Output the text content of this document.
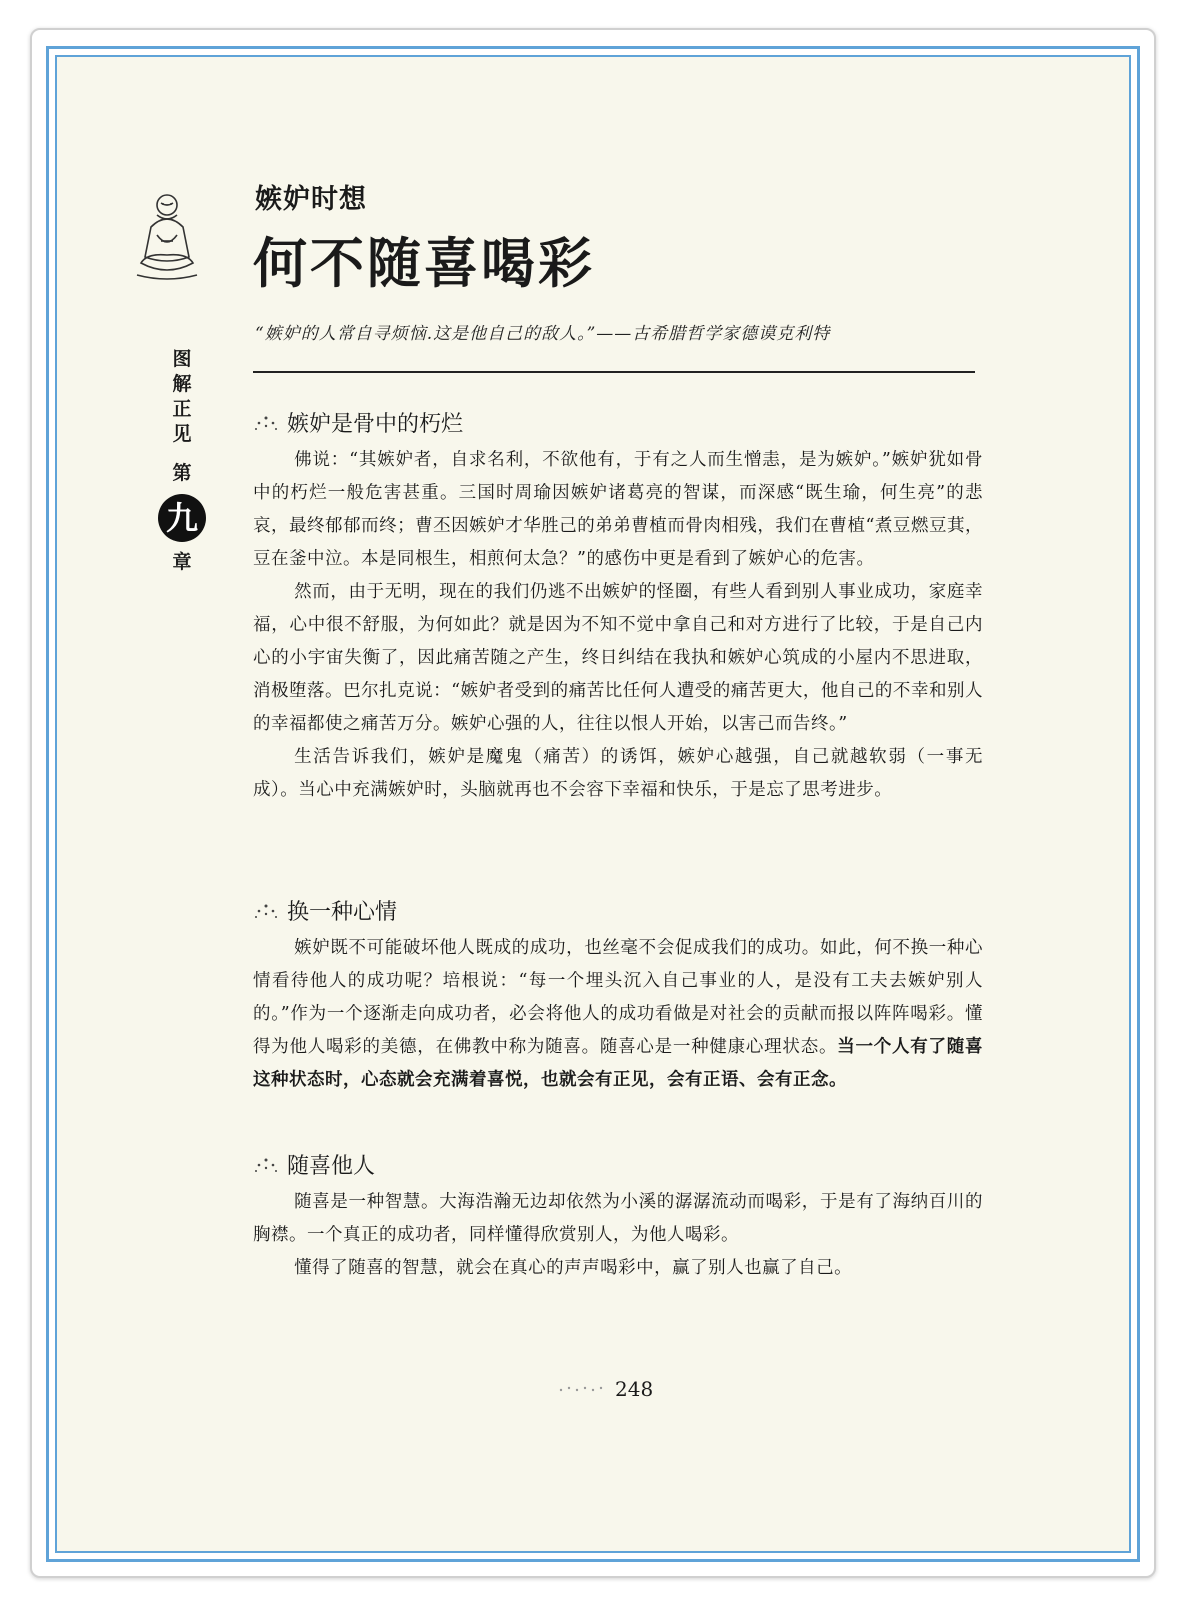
图
解
正
见
第
九
章
嫉妒时想
何不随喜喝彩
“嫉妒的人常自寻烦恼.这是他自己的敌人。”——古希腊哲学家德谟克利特
嫉妒是骨中的朽烂

佛说：“其嫉妒者，自求名利，不欲他有，于有之人而生憎恚，是为嫉妒。”嫉妒犹如骨中的朽烂一般危害甚重。三国时周瑜因嫉妒诸葛亮的智谋，而深感“既生瑜，何生亮”的悲哀，最终郁郁而终；曹丕因嫉妒才华胜己的弟弟曹植而骨肉相残，我们在曹植“煮豆燃豆萁，豆在釜中泣。本是同根生，相煎何太急？”的感伤中更是看到了嫉妒心的危害。

然而，由于无明，现在的我们仍逃不出嫉妒的怪圈，有些人看到别人事业成功，家庭幸福，心中很不舒服，为何如此？就是因为不知不觉中拿自己和对方进行了比较，于是自己内心的小宇宙失衡了，因此痛苦随之产生，终日纠结在我执和嫉妒心筑成的小屋内不思进取，消极堕落。巴尔扎克说：“嫉妒者受到的痛苦比任何人遭受的痛苦更大，他自己的不幸和别人的幸福都使之痛苦万分。嫉妒心强的人，往往以恨人开始，以害己而告终。”

生活告诉我们，嫉妒是魔鬼（痛苦）的诱饵，嫉妒心越强，自己就越软弱（一事无成）。当心中充满嫉妒时，头脑就再也不会容下幸福和快乐，于是忘了思考进步。

换一种心情

嫉妒既不可能破坏他人既成的成功，也丝毫不会促成我们的成功。如此，何不换一种心情看待他人的成功呢？培根说：“每一个埋头沉入自己事业的人，是没有工夫去嫉妒别人的。”作为一个逐渐走向成功者，必会将他人的成功看做是对社会的贡献而报以阵阵喝彩。懂得为他人喝彩的美德，在佛教中称为随喜。随喜心是一种健康心理状态。当一个人有了随喜这种状态时，心态就会充满着喜悦，也就会有正见，会有正语、会有正念。

随喜他人

随喜是一种智慧。大海浩瀚无边却依然为小溪的潺潺流动而喝彩，于是有了海纳百川的胸襟。一个真正的成功者，同样懂得欣赏别人，为他人喝彩。

懂得了随喜的智慧，就会在真心的声声喝彩中，赢了别人也赢了自己。

248
